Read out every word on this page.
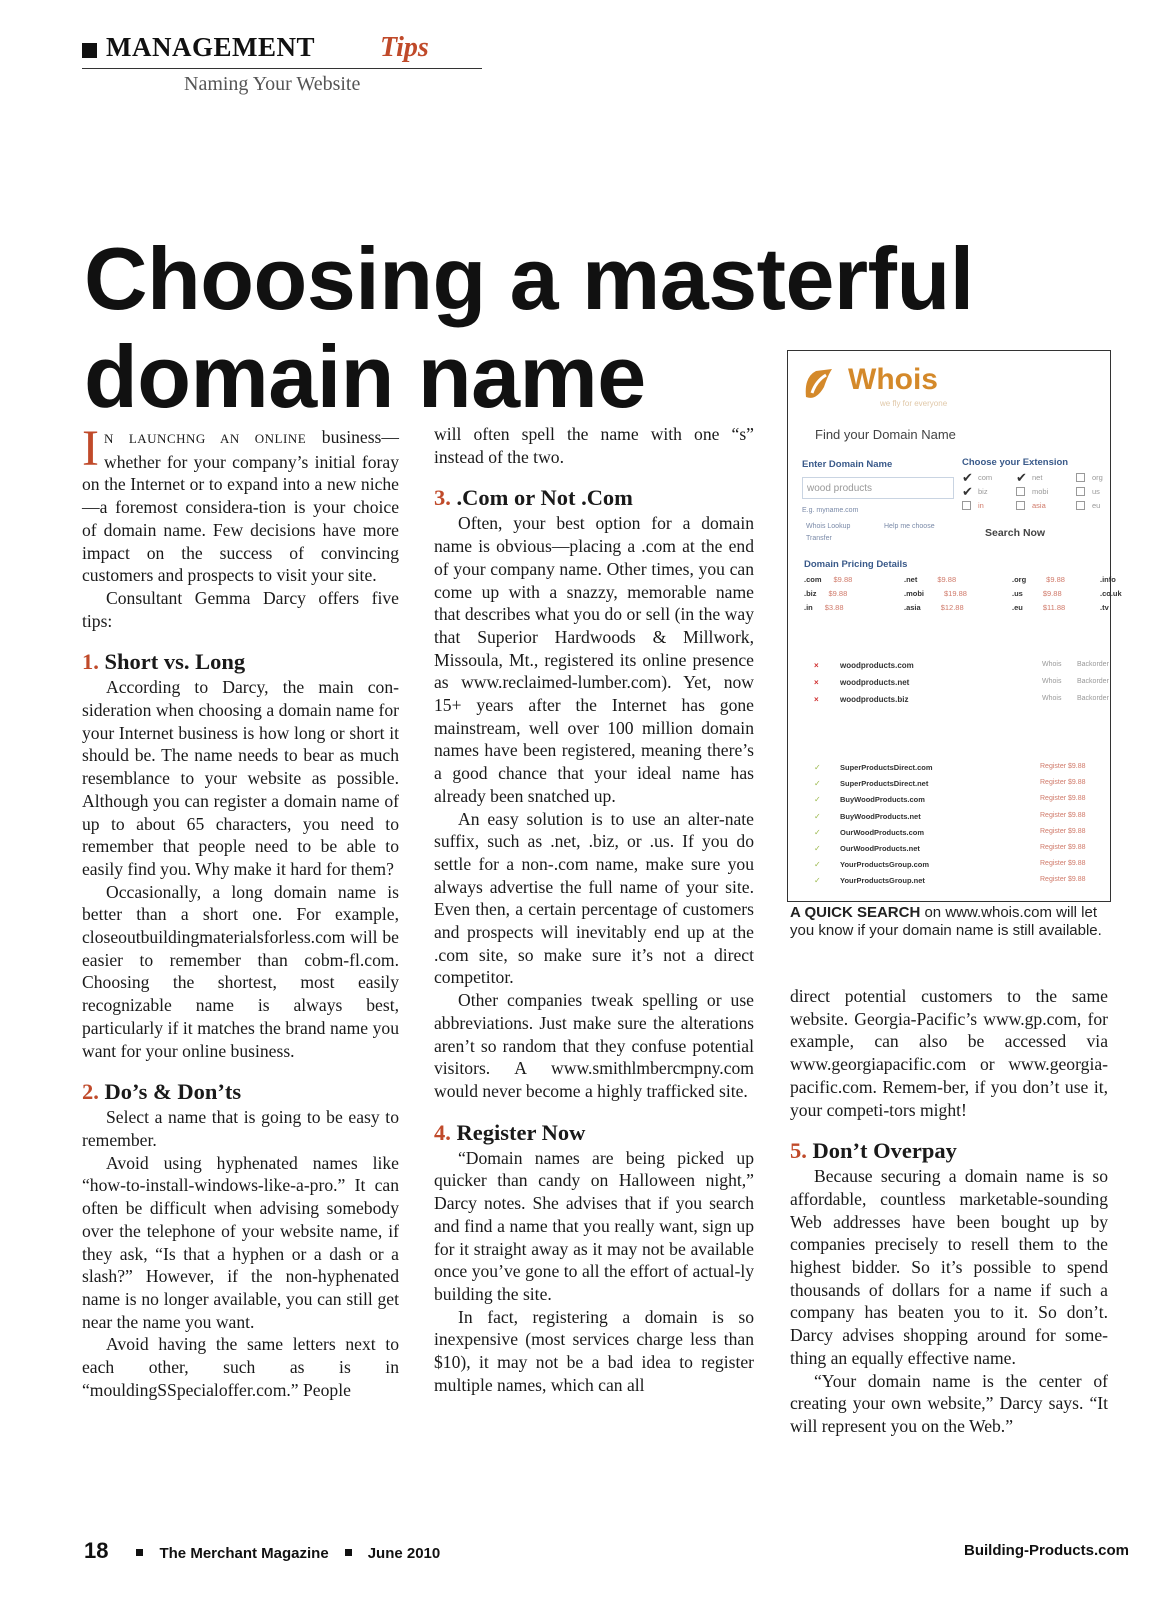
MANAGEMENT Tips
Naming Your Website
Choosing a masterful domain name

I N LAUNCHNG AN ONLINE business—whether for your company’s initial foray on the Internet or to expand into a new niche—a foremost considera-tion is your choice of domain name. Few decisions have more impact on the success of convincing customers and prospects to visit your site.

Consultant Gemma Darcy offers five tips:

1. Short vs. Long

According to Darcy, the main con-sideration when choosing a domain name for your Internet business is how long or short it should be. The name needs to bear as much resemblance to your website as possible. Although you can register a domain name of up to about 65 characters, you need to remember that people need to be able to easily find you. Why make it hard for them?

Occasionally, a long domain name is better than a short one. For example, closeoutbuildingmaterialsforless.com will be easier to remember than cobm-fl.com. Choosing the shortest, most easily recognizable name is always best, particularly if it matches the brand name you want for your online business.

2. Do’s & Don’ts

Select a name that is going to be easy to remember.

Avoid using hyphenated names like “how-to-install-windows-like-a-pro.” It can often be difficult when advising somebody over the telephone of your website name, if they ask, “Is that a hyphen or a dash or a slash?” However, if the non-hyphenated name is no longer available, you can still get near the name you want.

Avoid having the same letters next to each other, such as is in “mouldingSSpecialoffer.com.” People

will often spell the name with one “s” instead of the two.

3. .Com or Not .Com

Often, your best option for a domain name is obvious—placing a .com at the end of your company name. Other times, you can come up with a snazzy, memorable name that describes what you do or sell (in the way that Superior Hardwoods & Millwork, Missoula, Mt., registered its online presence as www.reclaimed-lumber.com). Yet, now 15+ years after the Internet has gone mainstream, well over 100 million domain names have been registered, meaning there’s a good chance that your ideal name has already been snatched up.

An easy solution is to use an alter-nate suffix, such as .net, .biz, or .us. If you do settle for a non-.com name, make sure you always advertise the full name of your site. Even then, a certain percentage of customers and prospects will inevitably end up at the .com site, so make sure it’s not a direct competitor.

Other companies tweak spelling or use abbreviations. Just make sure the alterations aren’t so random that they confuse potential visitors. A www.smithlmbercmpny.com would never become a highly trafficked site.

4. Register Now

“Domain names are being picked up quicker than candy on Halloween night,” Darcy notes. She advises that if you search and find a name that you really want, sign up for it straight away as it may not be available once you’ve gone to all the effort of actual-ly building the site.

In fact, registering a domain is so inexpensive (most services charge less than $10), it may not be a bad idea to register multiple names, which can all

Whois
we fly for everyone
Find your Domain Name
Enter Domain Name
wood products
E.g. myname.com
Whois Lookup	Help me choose
Transfer
Choose your Extension
✔ com ✔ net	org
✔ biz	mobi	us
in	asia	eu
Search Now
Domain Pricing Details
.com $9.88	.net	$9.88	.org	$9.88	.info
.biz $9.88	.mobi	$19.88	.us	$9.88	.co.uk
.in $3.88	.asia	$12.88	.eu	$11.88	.tv
×	woodproducts.com	Whois Backorder
×	woodproducts.net	Whois Backorder
×	woodproducts.biz	Whois Backorder
✓	SuperProductsDirect.com	Register $9.88
✓	SuperProductsDirect.net	Register $9.88
✓	BuyWoodProducts.com	Register $9.88
✓	BuyWoodProducts.net	Register $9.88
✓	OurWoodProducts.com	Register $9.88
✓	OurWoodProducts.net	Register $9.88
✓	YourProductsGroup.com	Register $9.88
✓	YourProductsGroup.net	Register $9.88
A QUICK SEARCH on www.whois.com will let you know if your domain name is still available.

direct potential customers to the same website. Georgia-Pacific’s www.gp.com, for example, can also be accessed via www.georgiapacific.com or www.georgia-pacific.com. Remem-ber, if you don’t use it, your competi-tors might!

5. Don’t Overpay

Because securing a domain name is so affordable, countless marketable-sounding Web addresses have been bought up by companies precisely to resell them to the highest bidder. So it’s possible to spend thousands of dollars for a name if such a company has beaten you to it. So don’t. Darcy advises shopping around for some-thing an equally effective name.

“Your domain name is the center of creating your own website,” Darcy says. “It will represent you on the Web.”

18	The Merchant Magazine	June 2010	Building-Products.com
